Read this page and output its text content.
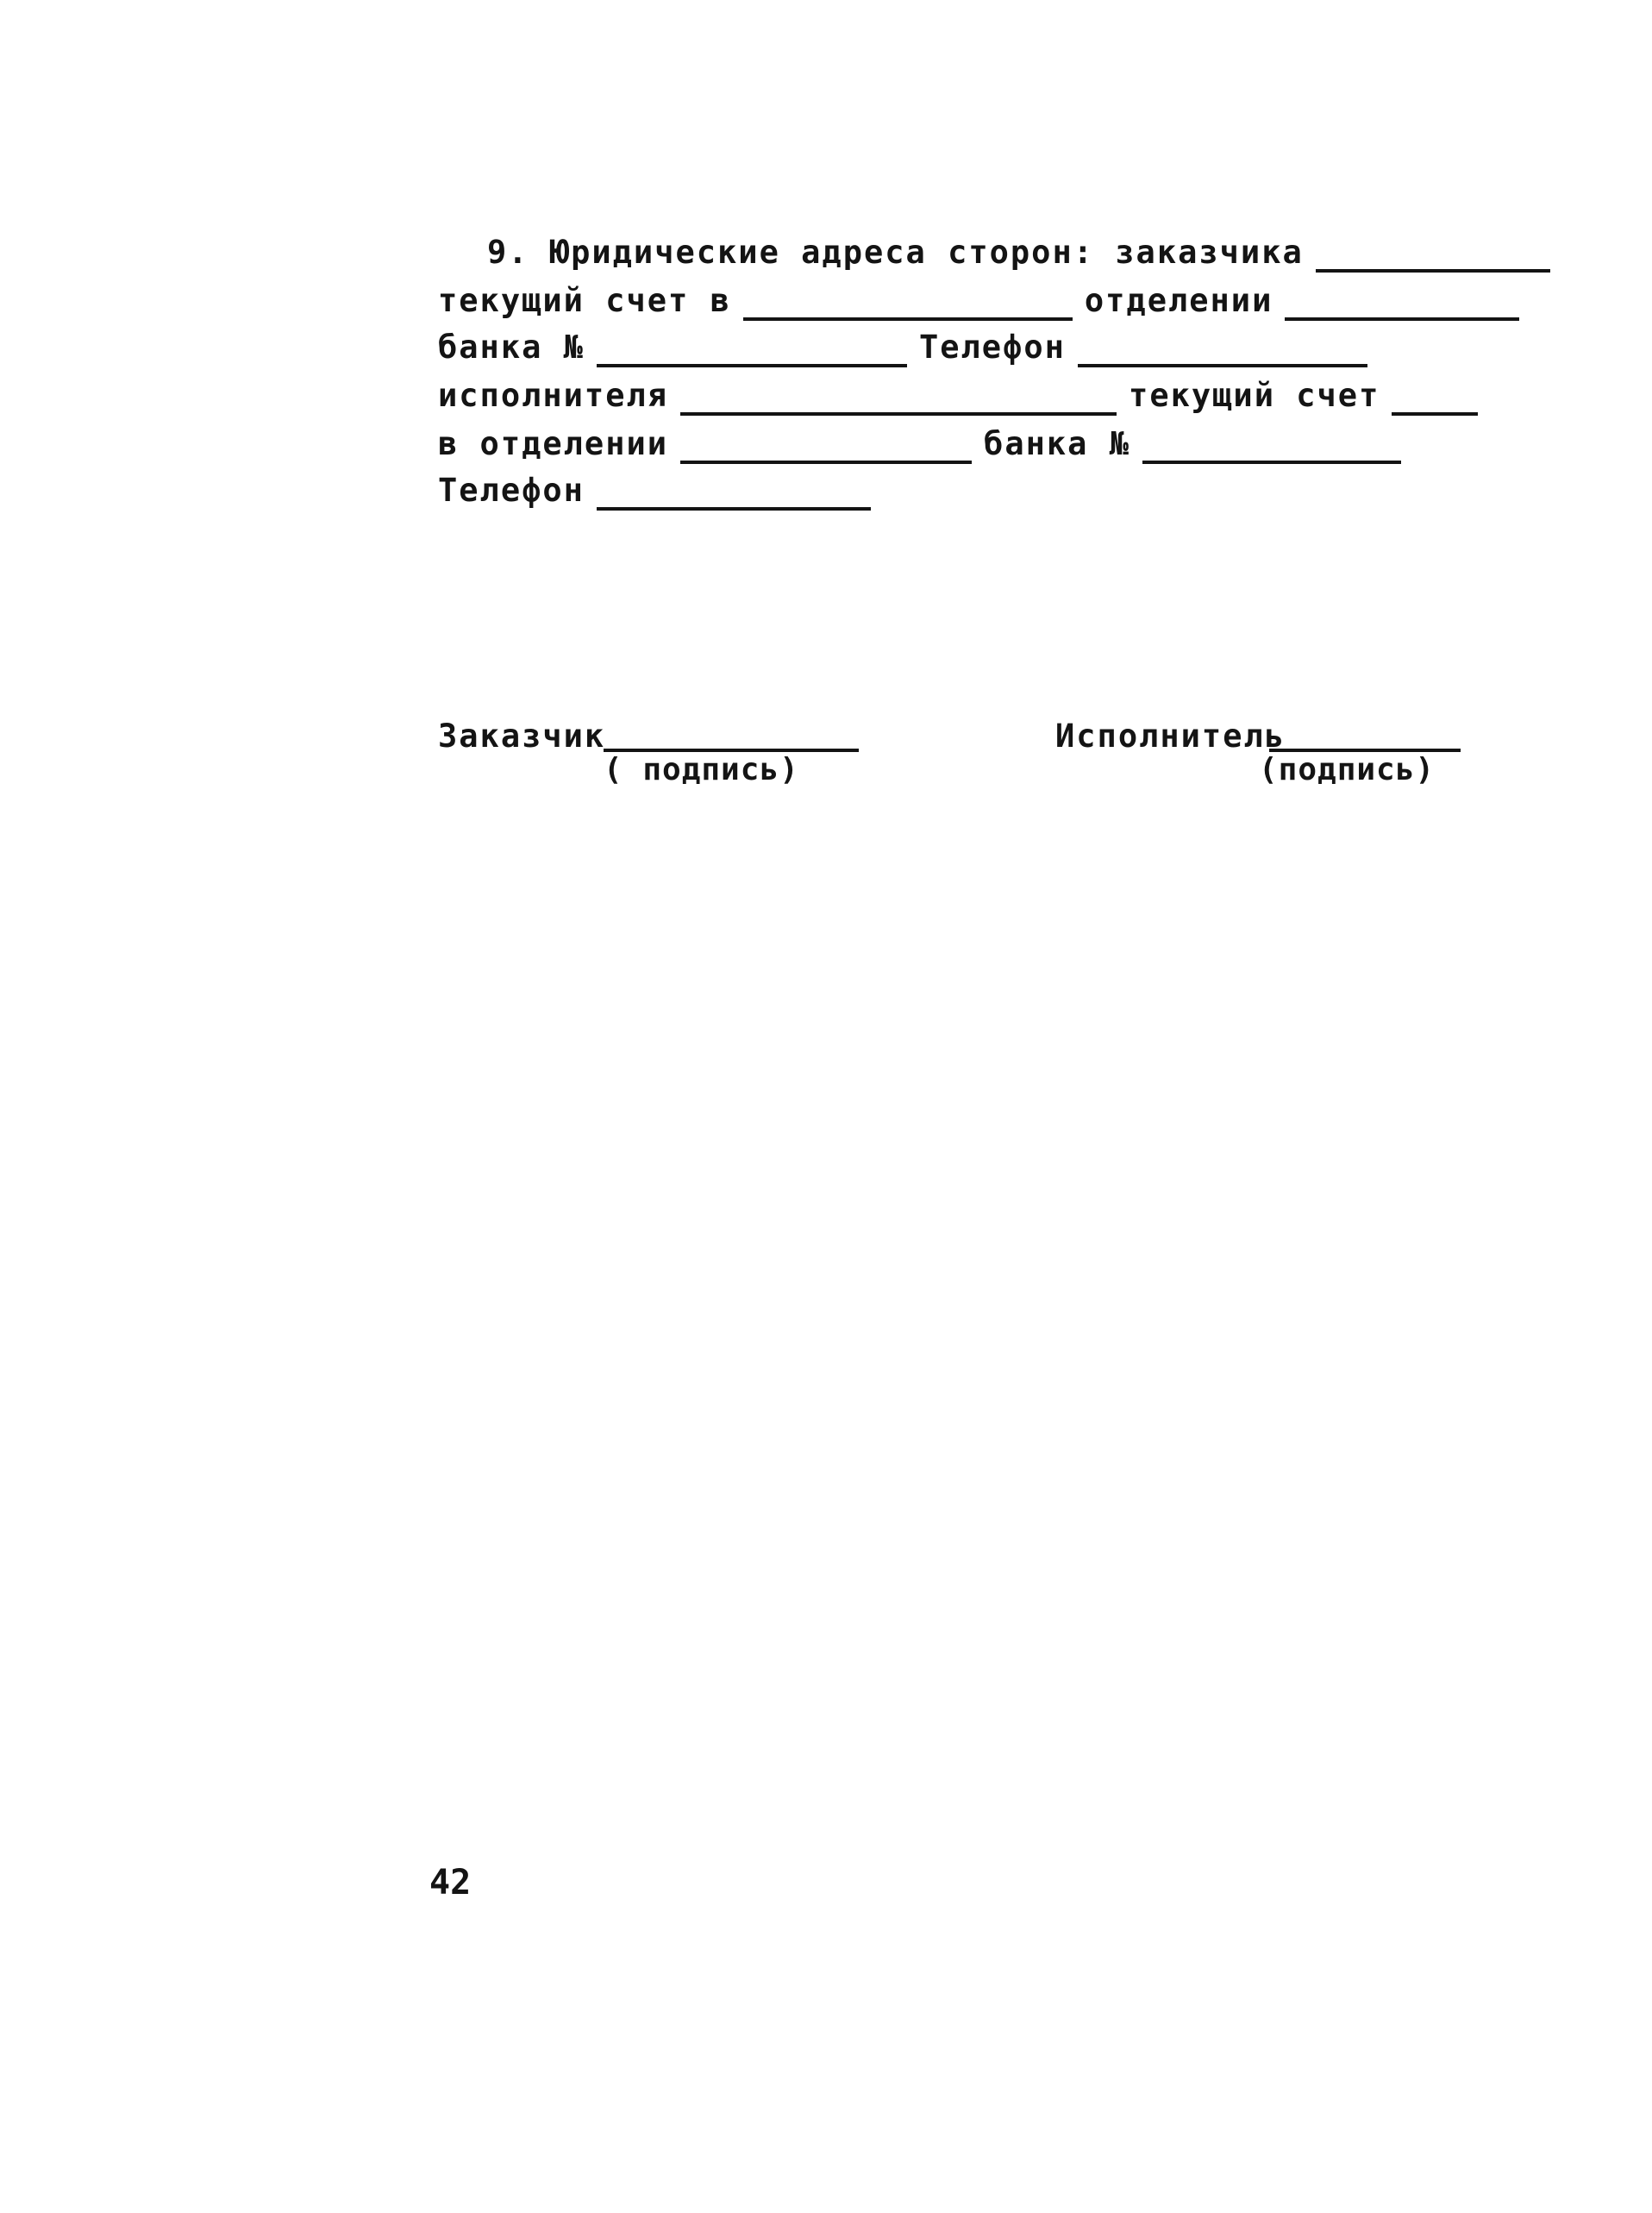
9. Юридические адреса сторон: заказчика
текущий счет в	отделении
банка №	Телефон
исполнителя	текущий счет
в отделении	банка №
Телефон
Заказчик
( подпись)
Исполнитель
(подпись)
42
